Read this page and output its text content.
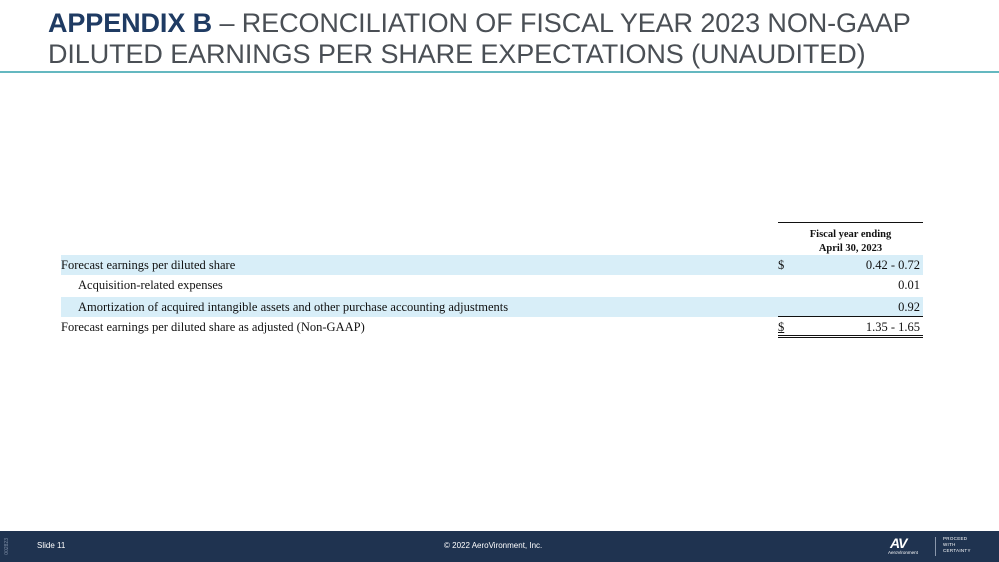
APPENDIX B – RECONCILIATION OF FISCAL YEAR 2023 NON-GAAP DILUTED EARNINGS PER SHARE EXPECTATIONS (UNAUDITED)
Fiscal year ending
April 30, 2023
Forecast earnings per diluted share	$	0.42 - 0.72
Acquisition-related expenses	0.01
Amortization of acquired intangible assets and other purchase accounting adjustments	0.92
Forecast earnings per diluted share as adjusted (Non-GAAP)	$	1.35 - 1.65
002823	Slide 11	© 2022 AeroVironment, Inc.	AV
AeroVironment
PROCEED
WITH
CERTAINTY
